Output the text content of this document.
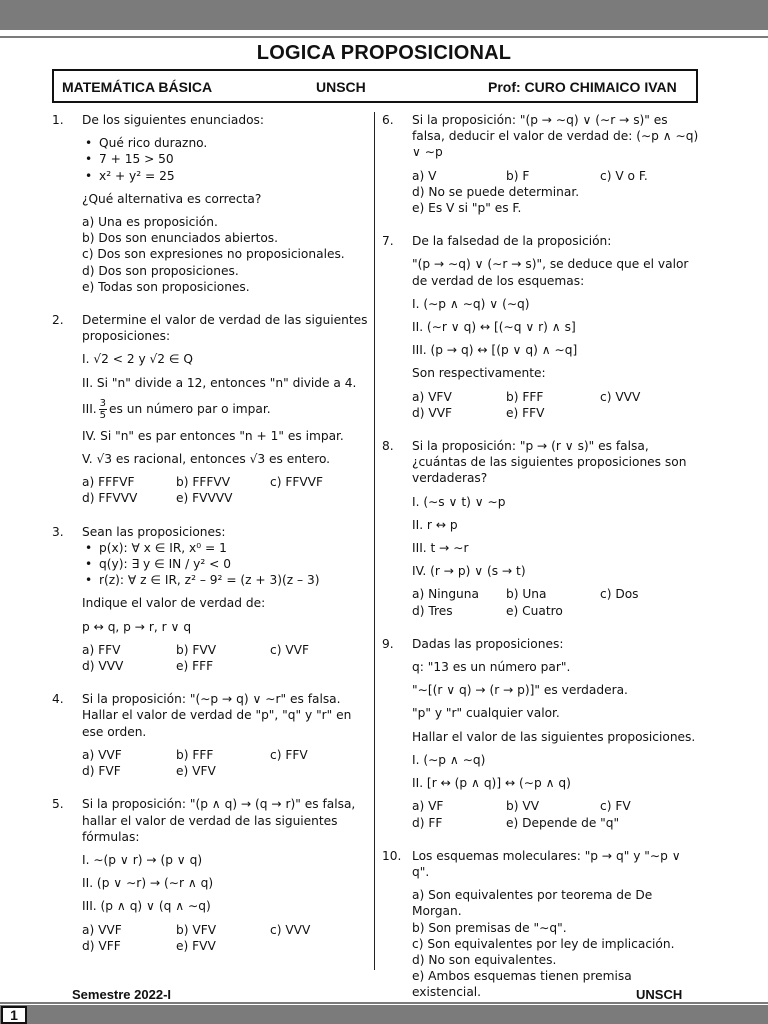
LOGICA PROPOSICIONAL
MATEMÁTICA BÁSICA	UNSCH	Prof: CURO CHIMAICO IVAN
1. De los siguientes enunciados:

• Qué rico durazno.
• 7 + 15 > 50
• x² + y² = 25

¿Qué alternativa es correcta?

a) Una es proposición.
b) Dos son enunciados abiertos.
c) Dos son expresiones no proposicionales.
d) Dos son proposiciones.
e) Todas son proposiciones.
2. Determine el valor de verdad de las siguientes proposiciones:

I. √2 < 2 y √2 ∈ Q

II. Si "n" divide a 12, entonces "n" divide a 4.

III. $\frac{3}{5}$ es un número par o impar.

IV. Si "n" es par entonces "n + 1" es impar.

V. √3 es racional, entonces √3 es entero.

a) FFFVF	b) FFFVV	c) FFVVF
d) FFVVV	e) FVVVV
3. Sean las proposiciones:

• p(x): ∀ x ∈ IR, x⁰ = 1
• q(y): ∃ y ∈ IN / y² < 0
• r(z): ∀ z ∈ IR, z² – 9² = (z + 3)(z – 3)

Indique el valor de verdad de:

p ↔ q, p → r, r ∨ q

a) FFV	b) FVV	c) VVF
d) VVV	e) FFF
4. Si la proposición: "(∼p → q) ∨ ∼r" es falsa. Hallar el valor de verdad de "p", "q" y "r" en ese orden.

a) VVF	b) FFF	c) FFV
d) FVF	e) VFV
5. Si la proposición: "(p ∧ q) → (q → r)" es falsa, hallar el valor de verdad de las siguientes fórmulas:

I. ∼(p ∨ r) → (p ∨ q)

II. (p ∨ ∼r) → (∼r ∧ q)

III. (p ∧ q) ∨ (q ∧ ∼q)

a) VVF	b) VFV	c) VVV
d) VFF	e) FVV
6. Si la proposición: "(p → ∼q) ∨ (∼r → s)" es falsa, deducir el valor de verdad de: (∼p ∧ ∼q) ∨ ∼p

a) V	b) F	c) V o F.

d) No se puede determinar.

e) Es V si "p" es F.

7. De la falsedad de la proposición:

"(p → ∼q) ∨ (∼r → s)", se deduce que el valor de verdad de los esquemas:

I. (∼p ∧ ∼q) ∨ (∼q)

II. (∼r ∨ q) ↔ [(∼q ∨ r) ∧ s]

III. (p → q) ↔ [(p ∨ q) ∧ ∼q]

Son respectivamente:

a) VFV	b) FFF	c) VVV
d) VVF	e) FFV
8. Si la proposición: "p → (r ∨ s)" es falsa, ¿cuántas de las siguientes proposiciones son verdaderas?

I. (∼s ∨ t) ∨ ∼p

II. r ↔ p

III. t → ∼r

IV. (r → p) ∨ (s → t)

a) Ninguna	b) Una	c) Dos
d) Tres	e) Cuatro
9. Dadas las proposiciones:

q: "13 es un número par".

"∼[(r ∨ q) → (r → p)]" es verdadera.

"p" y "r" cualquier valor.

Hallar el valor de las siguientes proposiciones.

I. (∼p ∧ ∼q)

II. [r ↔ (p ∧ q)] ↔ (∼p ∧ q)

a) VF	b) VV	c) FV
d) FF	e) Depende de "q"
10. Los esquemas moleculares: "p → q" y "∼p ∨ q".

a) Son equivalentes por teorema de De Morgan.
b) Son premisas de "∼q".
c) Son equivalentes por ley de implicación.
d) No son equivalentes.
e) Ambos esquemas tienen premisa existencial.
Semestre 2022-I	UNSCH
1
